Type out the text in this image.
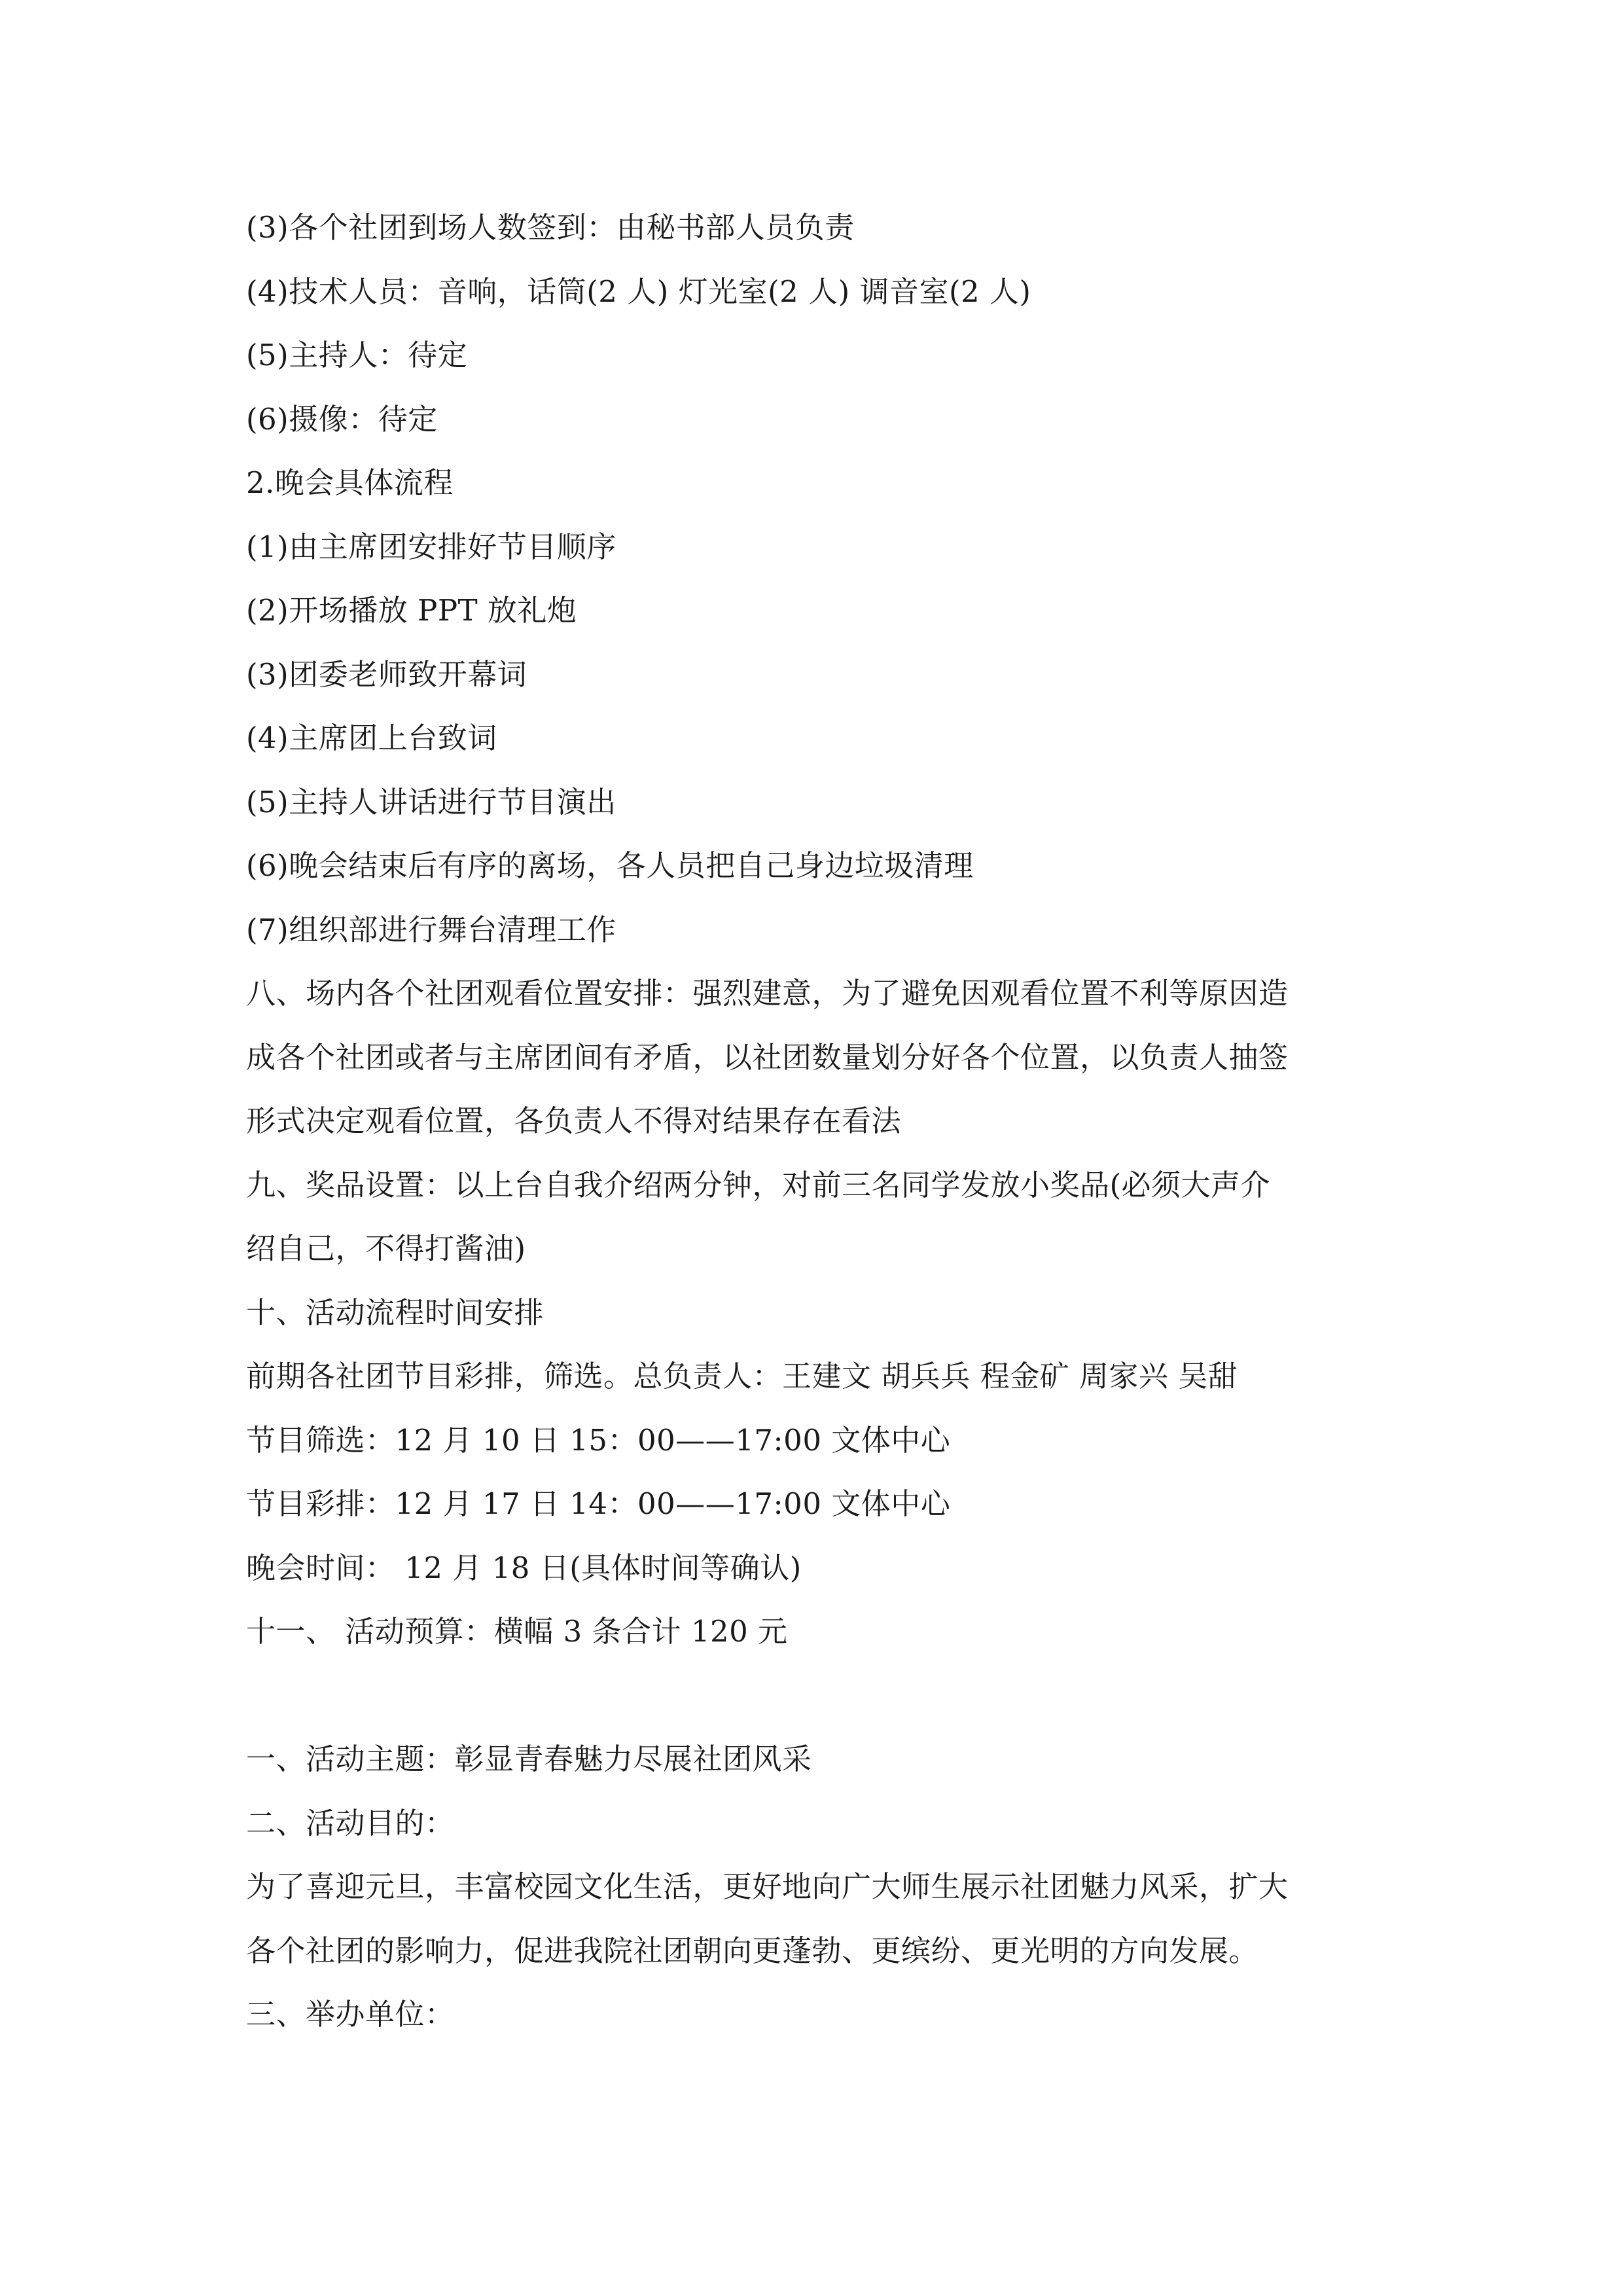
(3)各个社团到场人数签到：由秘书部人员负责
(4)技术人员：音响，话筒(2 人) 灯光室(2 人) 调音室(2 人)
(5)主持人：待定
(6)摄像：待定
2.晚会具体流程
(1)由主席团安排好节目顺序
(2)开场播放 PPT 放礼炮
(3)团委老师致开幕词
(4)主席团上台致词
(5)主持人讲话进行节目演出
(6)晚会结束后有序的离场，各人员把自己身边垃圾清理
(7)组织部进行舞台清理工作
八、场内各个社团观看位置安排：强烈建意，为了避免因观看位置不利等原因造
成各个社团或者与主席团间有矛盾，以社团数量划分好各个位置，以负责人抽签
形式决定观看位置，各负责人不得对结果存在看法
九、奖品设置：以上台自我介绍两分钟，对前三名同学发放小奖品(必须大声介
绍自己，不得打酱油)
十、活动流程时间安排
前期各社团节目彩排，筛选。总负责人：王建文 胡兵兵 程金矿 周家兴 吴甜
节目筛选：12 月 10 日 15：00——17:00 文体中心
节目彩排：12 月 17 日 14：00——17:00 文体中心
晚会时间： 12 月 18 日(具体时间等确认)
十一、 活动预算：横幅 3 条合计 120 元
一、活动主题：彰显青春魅力尽展社团风采
二、活动目的：
为了喜迎元旦，丰富校园文化生活，更好地向广大师生展示社团魅力风采，扩大
各个社团的影响力，促进我院社团朝向更蓬勃、更缤纷、更光明的方向发展。
三、举办单位：
